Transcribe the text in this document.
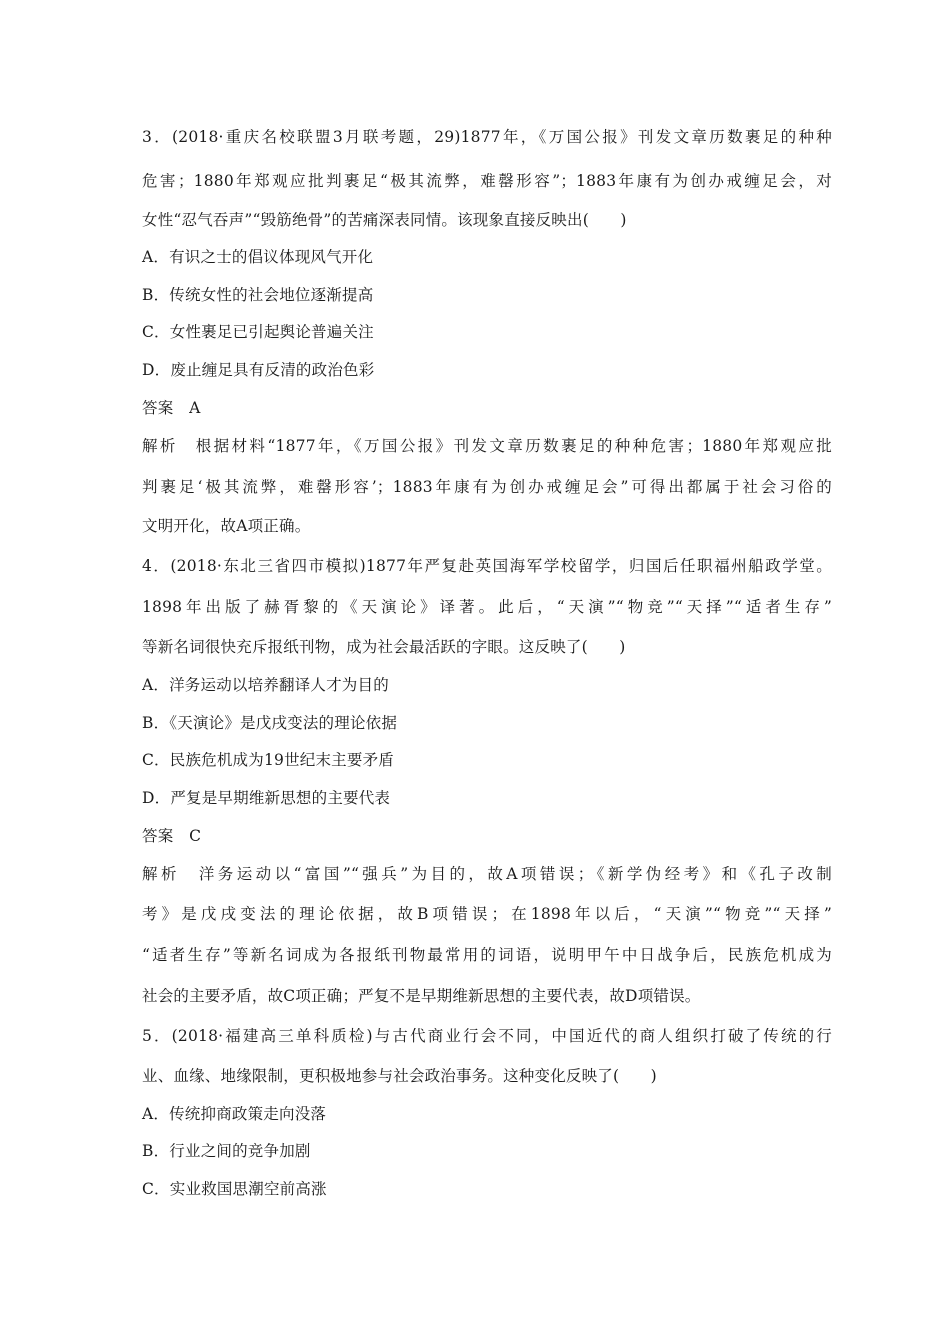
3．(2018·重庆名校联盟3月联考题，29)1877年，《万国公报》刊发文章历数裹足的种种
危害；1880年郑观应批判裹足“极其流弊，难罄形容”；1883年康有为创办戒缠足会，对
女性“忍气吞声”“毁筋绝骨”的苦痛深表同情。该现象直接反映出(　　)
A．有识之士的倡议体现风气开化
B．传统女性的社会地位逐渐提高
C．女性裹足已引起舆论普遍关注
D．废止缠足具有反清的政治色彩
答案　A
解析　根据材料“1877年，《万国公报》刊发文章历数裹足的种种危害；1880年郑观应批
判裹足‘极其流弊，难罄形容’；1883年康有为创办戒缠足会”可得出都属于社会习俗的
文明开化，故A项正确。
4．(2018·东北三省四市模拟)1877年严复赴英国海军学校留学，归国后任职福州船政学堂。
1898年出版了赫胥黎的《天演论》译著。此后，“天演”“物竞”“天择”“适者生存”
等新名词很快充斥报纸刊物，成为社会最活跃的字眼。这反映了(　　)
A．洋务运动以培养翻译人才为目的
B．《天演论》是戊戌变法的理论依据
C．民族危机成为19世纪末主要矛盾
D．严复是早期维新思想的主要代表
答案　C
解析　洋务运动以“富国”“强兵”为目的，故A项错误；《新学伪经考》和《孔子改制
考》是戊戌变法的理论依据，故B项错误；在1898年以后，“天演”“物竞”“天择”
“适者生存”等新名词成为各报纸刊物最常用的词语，说明甲午中日战争后，民族危机成为
社会的主要矛盾，故C项正确；严复不是早期维新思想的主要代表，故D项错误。
5．(2018·福建高三单科质检)与古代商业行会不同，中国近代的商人组织打破了传统的行
业、血缘、地缘限制，更积极地参与社会政治事务。这种变化反映了(　　)
A．传统抑商政策走向没落
B．行业之间的竞争加剧
C．实业救国思潮空前高涨
